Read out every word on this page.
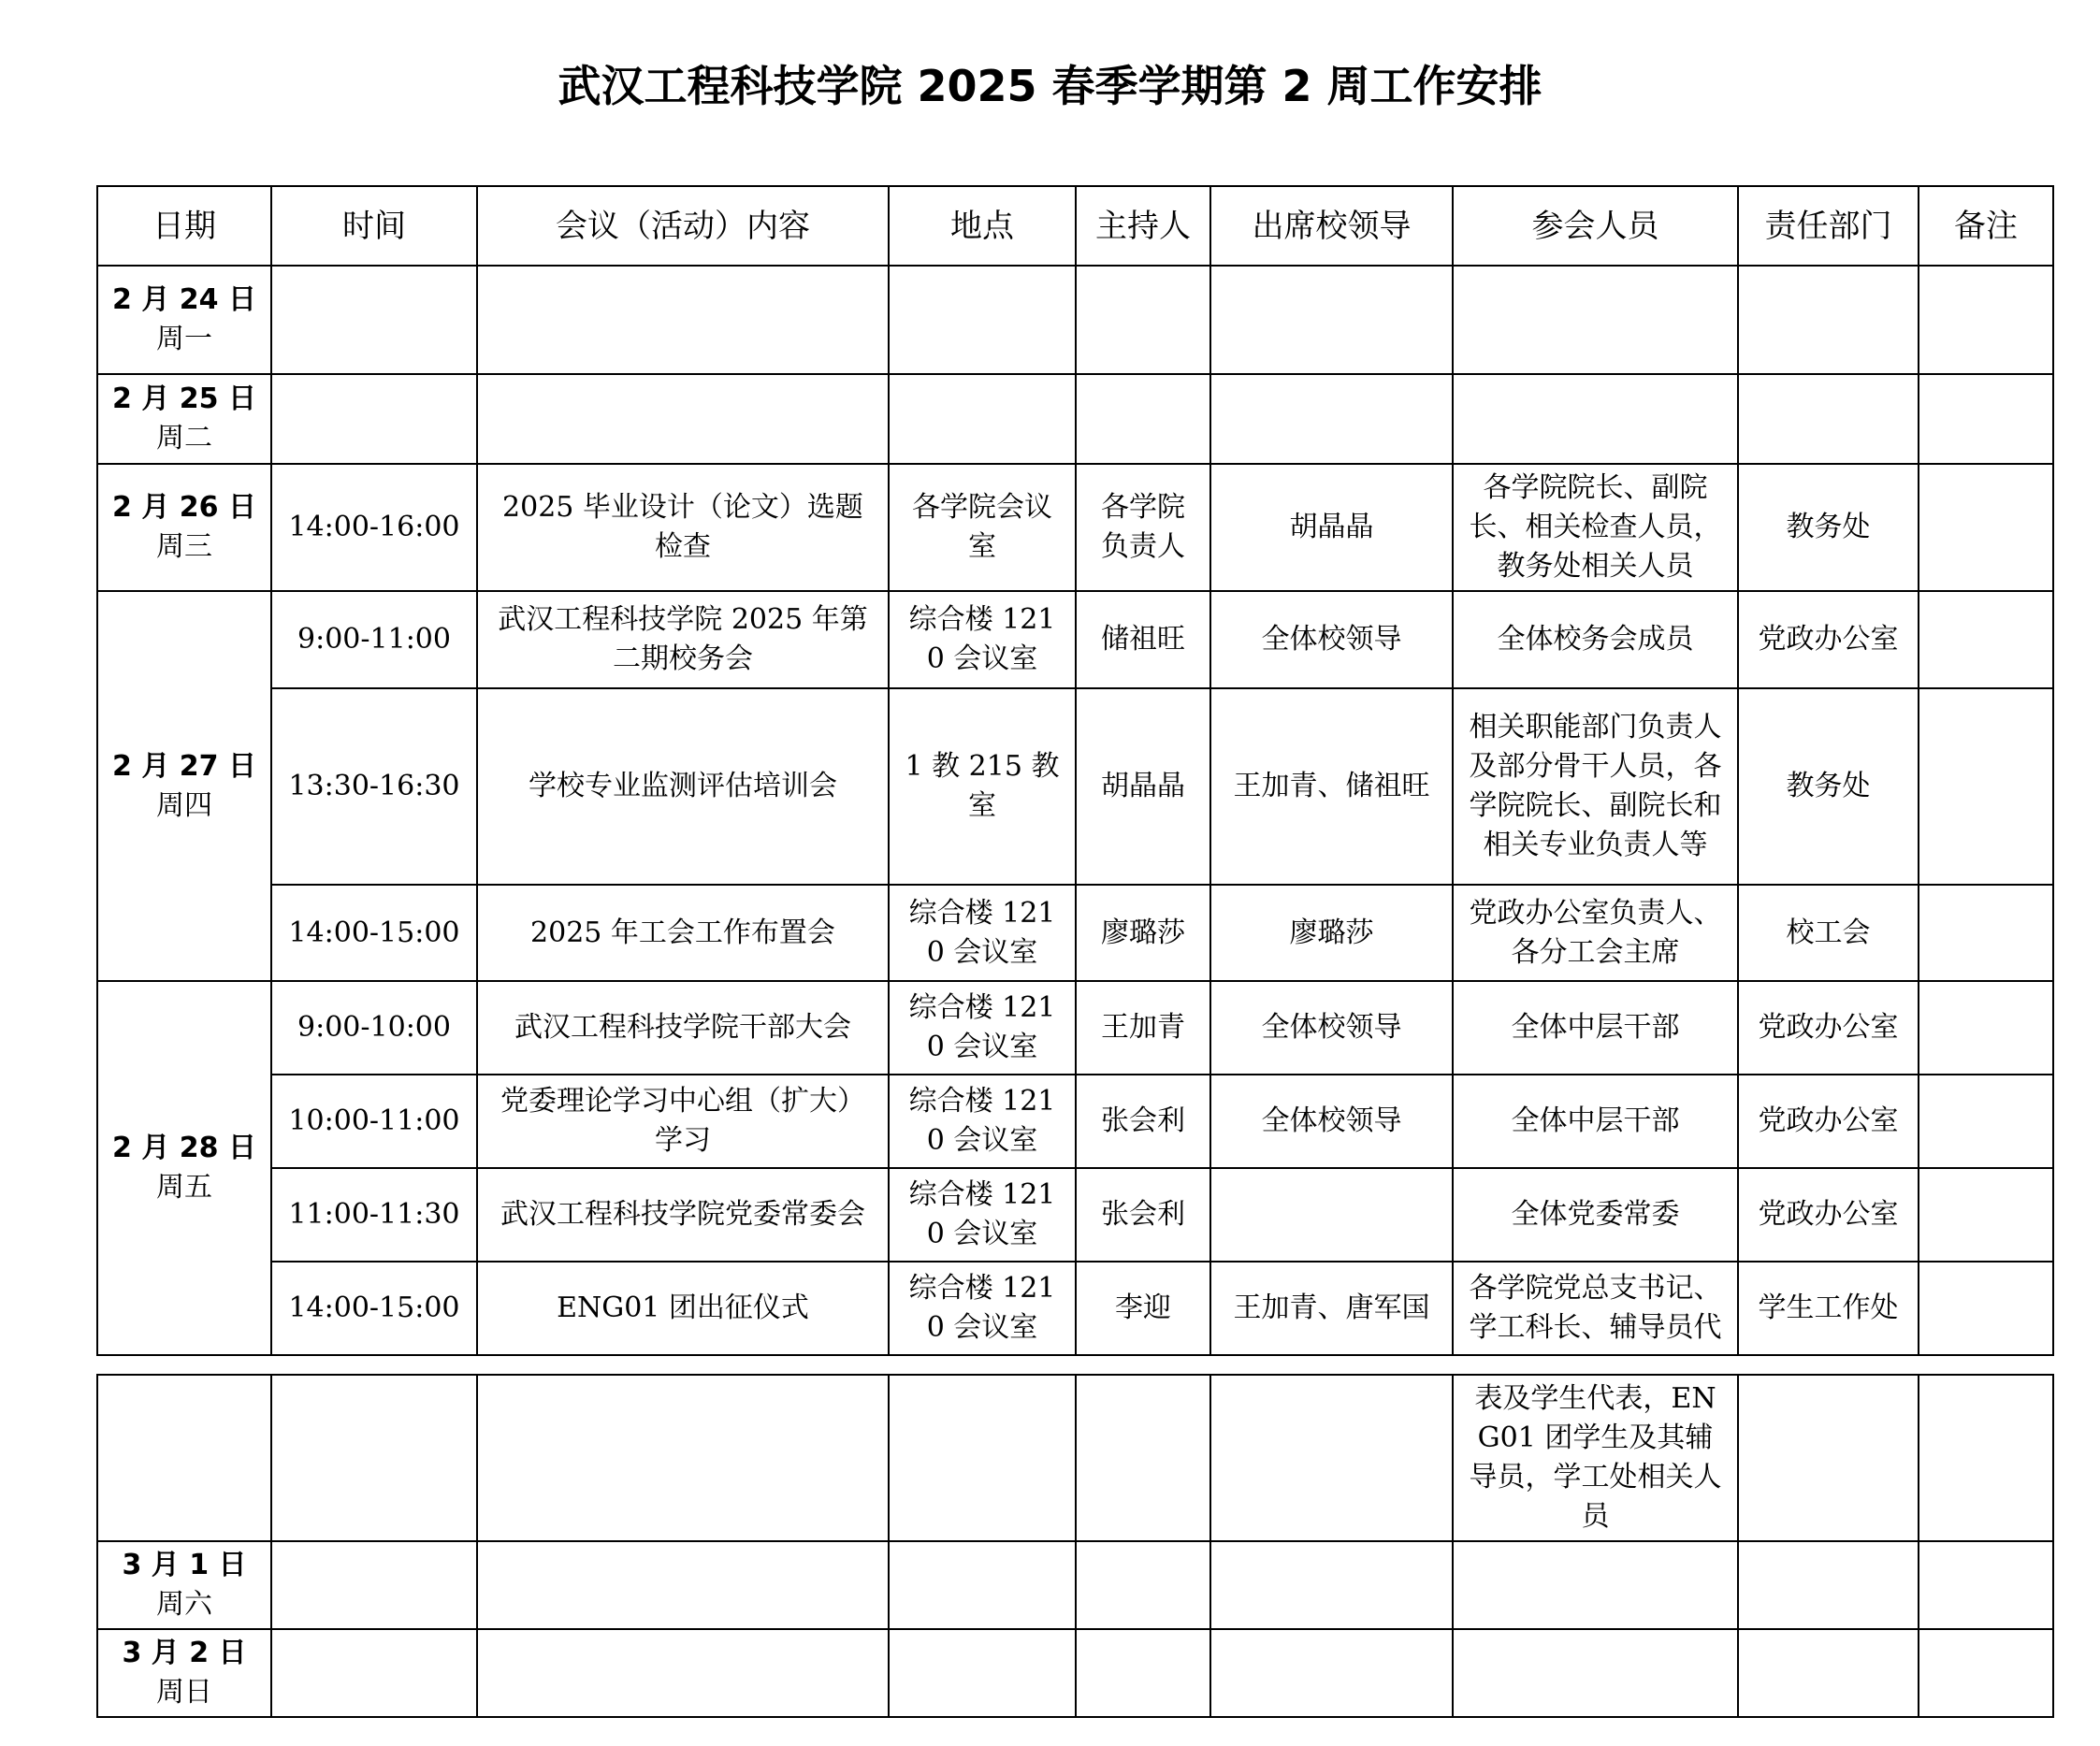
武汉工程科技学院 2025 春季学期第 2 周工作安排
日期	时间	会议（活动）内容	地点	主持人	出席校领导	参会人员	责任部门	备注

2 月 24 日
周一								

2 月 25 日
周二								

2 月 26 日
周三	14:00-16:00	2025 毕业设计（论文）选题检查	各学院会议室	各学院负责人	胡晶晶	各学院院长、副院长、相关检查人员，教务处相关人员	教务处	

2 月 27 日
周四	9:00-11:00	武汉工程科技学院 2025 年第二期校务会	综合楼 1210 会议室	储祖旺	全体校领导	全体校务会成员	党政办公室	
	13:30-16:30	学校专业监测评估培训会	1 教 215 教室	胡晶晶	王加青、储祖旺	相关职能部门负责人及部分骨干人员，各学院院长、副院长和相关专业负责人等	教务处	
	14:00-15:00	2025 年工会工作布置会	综合楼 1210 会议室	廖璐莎	廖璐莎	党政办公室负责人、各分工会主席	校工会	

2 月 28 日
周五	9:00-10:00	武汉工程科技学院干部大会	综合楼 1210 会议室	王加青	全体校领导	全体中层干部	党政办公室	
	10:00-11:00	党委理论学习中心组（扩大）学习	综合楼 1210 会议室	张会利	全体校领导	全体中层干部	党政办公室	
	11:00-11:30	武汉工程科技学院党委常委会	综合楼 1210 会议室	张会利		全体党委常委	党政办公室	
	14:00-15:00	ENG01 团出征仪式	综合楼 1210 会议室	李迎	王加青、唐军国	各学院党总支书记、学工科长、辅导员代	学生工作处	
						表及学生代表，ENG01 团学生及其辅导员，学工处相关人员		

3 月 1 日
周六								

3 月 2 日
周日								
